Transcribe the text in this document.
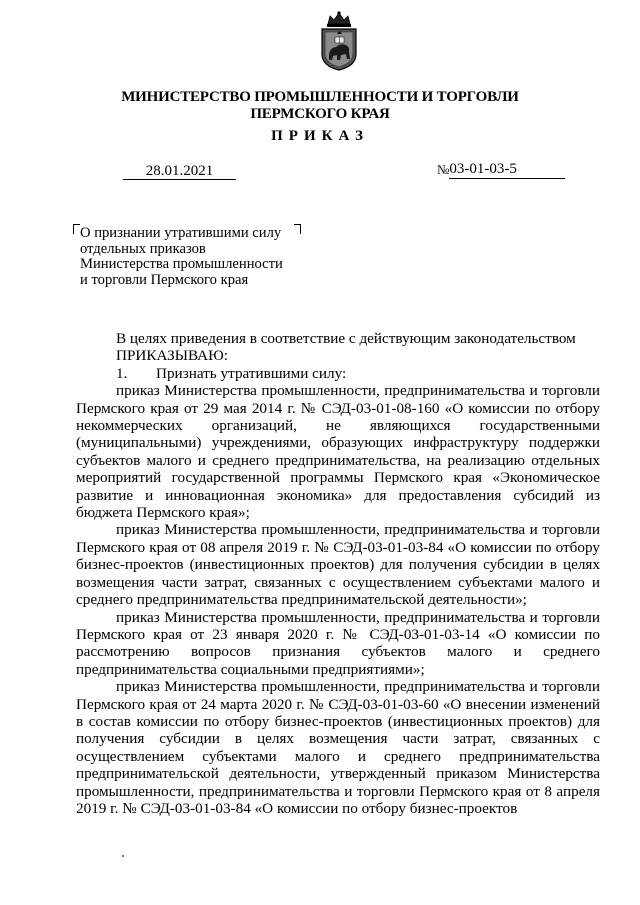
МИНИСТЕРСТВО ПРОМЫШЛЕННОСТИ И ТОРГОВЛИ
ПЕРМСКОГО КРАЯ
ПРИКАЗ
28.01.2021	№03-01-03-5
О признании утратившими силу
отдельных приказов
Министерства промышленности
и торговли Пермского края

В целях приведения в соответствие с действующим законодательством

ПРИКАЗЫВАЮ:

1.	Признать утратившими силу:

приказ Министерства промышленности, предпринимательства и торговли Пермского края от 29 мая 2014 г. № СЭД-03-01-08-160 «О комиссии по отбору некоммерческих организаций, не являющихся государственными (муниципальными) учреждениями, образующих инфраструктуру поддержки субъектов малого и среднего предпринимательства, на реализацию отдельных мероприятий государственной программы Пермского края «Экономическое развитие и инновационная экономика» для предоставления субсидий из бюджета Пермского края»;

приказ Министерства промышленности, предпринимательства и торговли Пермского края от 08 апреля 2019 г. № СЭД-03-01-03-84 «О комиссии по отбору бизнес-проектов (инвестиционных проектов) для получения субсидии в целях возмещения части затрат, связанных с осуществлением субъектами малого и среднего предпринимательства предпринимательской деятельности»;

приказ Министерства промышленности, предпринимательства и торговли Пермского края от 23 января 2020 г. № СЭД-03-01-03-14 «О комиссии по рассмотрению вопросов признания субъектов малого и среднего предпринимательства социальными предприятиями»;

приказ Министерства промышленности, предпринимательства и торговли Пермского края от 24 марта 2020 г. № СЭД-03-01-03-60 «О внесении изменений в состав комиссии по отбору бизнес-проектов (инвестиционных проектов) для получения субсидии в целях возмещения части затрат, связанных с осуществлением субъектами малого и среднего предпринимательства предпринимательской деятельности, утвержденный приказом Министерства промышленности, предпринимательства и торговли Пермского края от 8 апреля 2019 г. № СЭД-03-01-03-84 «О комиссии по отбору бизнес-проектов
